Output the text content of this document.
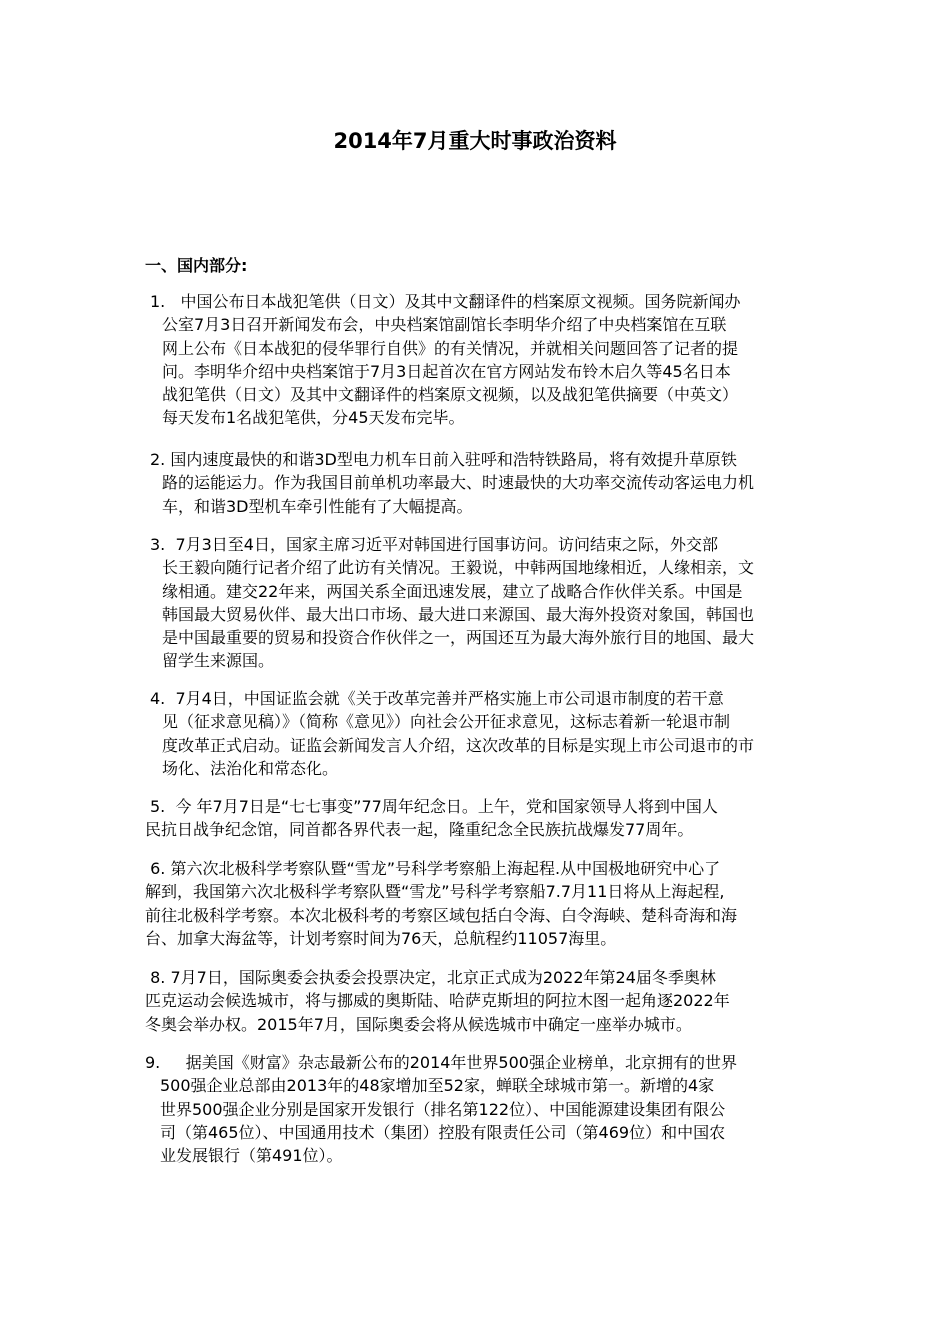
2014年7月重大时事政治资料
一、国内部分:
1. 中国公布日本战犯笔供（日文）及其中文翻译件的档案原文视频。国务院新闻办
公室7月3日召开新闻发布会，中央档案馆副馆长李明华介绍了中央档案馆在互联
网上公布《日本战犯的侵华罪行自供》的有关情况，并就相关问题回答了记者的提
问。李明华介绍中央档案馆于7月3日起首次在官方网站发布铃木启久等45名日本
战犯笔供（日文）及其中文翻译件的档案原文视频，以及战犯笔供摘要（中英文）
每天发布1名战犯笔供，分45天发布完毕。
2. 国内速度最快的和谐3D型电力机车日前入驻呼和浩特铁路局，将有效提升草原铁
路的运能运力。作为我国目前单机功率最大、时速最快的大功率交流传动客运电力机
车，和谐3D型机车牵引性能有了大幅提高。
3. 7月3日至4日，国家主席习近平对韩国进行国事访问。访问结束之际，外交部
长王毅向随行记者介绍了此访有关情况。王毅说，中韩两国地缘相近，人缘相亲，文
缘相通。建交22年来，两国关系全面迅速发展，建立了战略合作伙伴关系。中国是
韩国最大贸易伙伴、最大出口市场、最大进口来源国、最大海外投资对象国，韩国也
是中国最重要的贸易和投资合作伙伴之一，两国还互为最大海外旅行目的地国、最大
留学生来源国。
4. 7月4日，中国证监会就《关于改革完善并严格实施上市公司退市制度的若干意
见（征求意见稿）》（简称《意见》）向社会公开征求意见，这标志着新一轮退市制
度改革正式启动。证监会新闻发言人介绍，这次改革的目标是实现上市公司退市的市
场化、法治化和常态化。
5. 今 年7月7日是“七七事变”77周年纪念日。上午，党和国家领导人将到中国人
民抗日战争纪念馆，同首都各界代表一起，隆重纪念全民族抗战爆发77周年。
6. 第六次北极科学考察队暨“雪龙”号科学考察船上海起程.从中国极地研究中心了
解到，我国第六次北极科学考察队暨“雪龙”号科学考察船7.7月11日将从上海起程,
前往北极科学考察。本次北极科考的考察区域包括白令海、白令海峡、楚科奇海和海
台、加拿大海盆等，计划考察时间为76天，总航程约11057海里。
8. 7月7日，国际奥委会执委会投票决定，北京正式成为2022年第24届冬季奥林
匹克运动会候选城市，将与挪威的奥斯陆、哈萨克斯坦的阿拉木图一起角逐2022年
冬奥会举办权。2015年7月，国际奥委会将从候选城市中确定一座举办城市。
9. 据美国《财富》杂志最新公布的2014年世界500强企业榜单，北京拥有的世界
500强企业总部由2013年的48家增加至52家，蝉联全球城市第一。新增的4家
世界500强企业分别是国家开发银行（排名第122位）、中国能源建设集团有限公
司（第465位）、中国通用技术（集团）控股有限责任公司（第469位）和中国农
业发展银行（第491位）。
